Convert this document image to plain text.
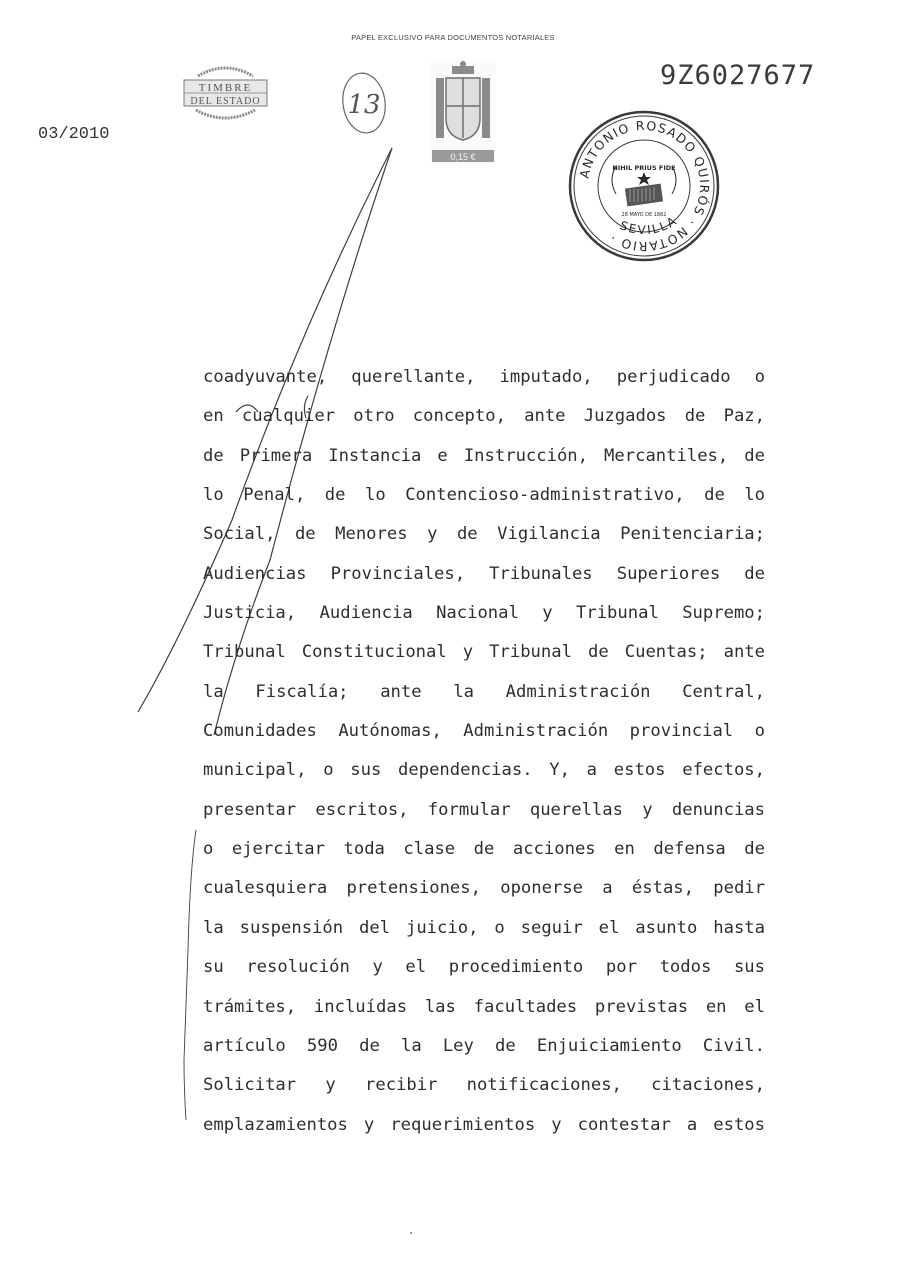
PAPEL EXCLUSIVO PARA DOCUMENTOS NOTARIALES
9Z6027677
03/2010
TIMBRE
DEL ESTADO	13
0,15 €
ANTONIO ROSADO QUIRÓS · NOTARIO ·
SEVILLA
NIHIL PRIUS FIDE
28 MAYO DE 1862
coadyuvante, querellante, imputado, perjudicado o
en cualquier otro concepto, ante Juzgados de Paz,
de Primera Instancia e Instrucción, Mercantiles, de
lo Penal, de lo Contencioso-administrativo, de lo
Social, de Menores y de Vigilancia Penitenciaria;
Audiencias Provinciales, Tribunales Superiores de
Justicia, Audiencia Nacional y Tribunal Supremo;
Tribunal Constitucional y Tribunal de Cuentas; ante
la Fiscalía; ante la Administración Central,
Comunidades Autónomas, Administración provincial o
municipal, o sus dependencias. Y, a estos efectos,
presentar escritos, formular querellas y denuncias
o ejercitar toda clase de acciones en defensa de
cualesquiera pretensiones, oponerse a éstas, pedir
la suspensión del juicio, o seguir el asunto hasta
su resolución y el procedimiento por todos sus
trámites, incluídas las facultades previstas en el
artículo 590 de la Ley de Enjuiciamiento Civil.
Solicitar y recibir notificaciones, citaciones,
emplazamientos y requerimientos y contestar a estos
